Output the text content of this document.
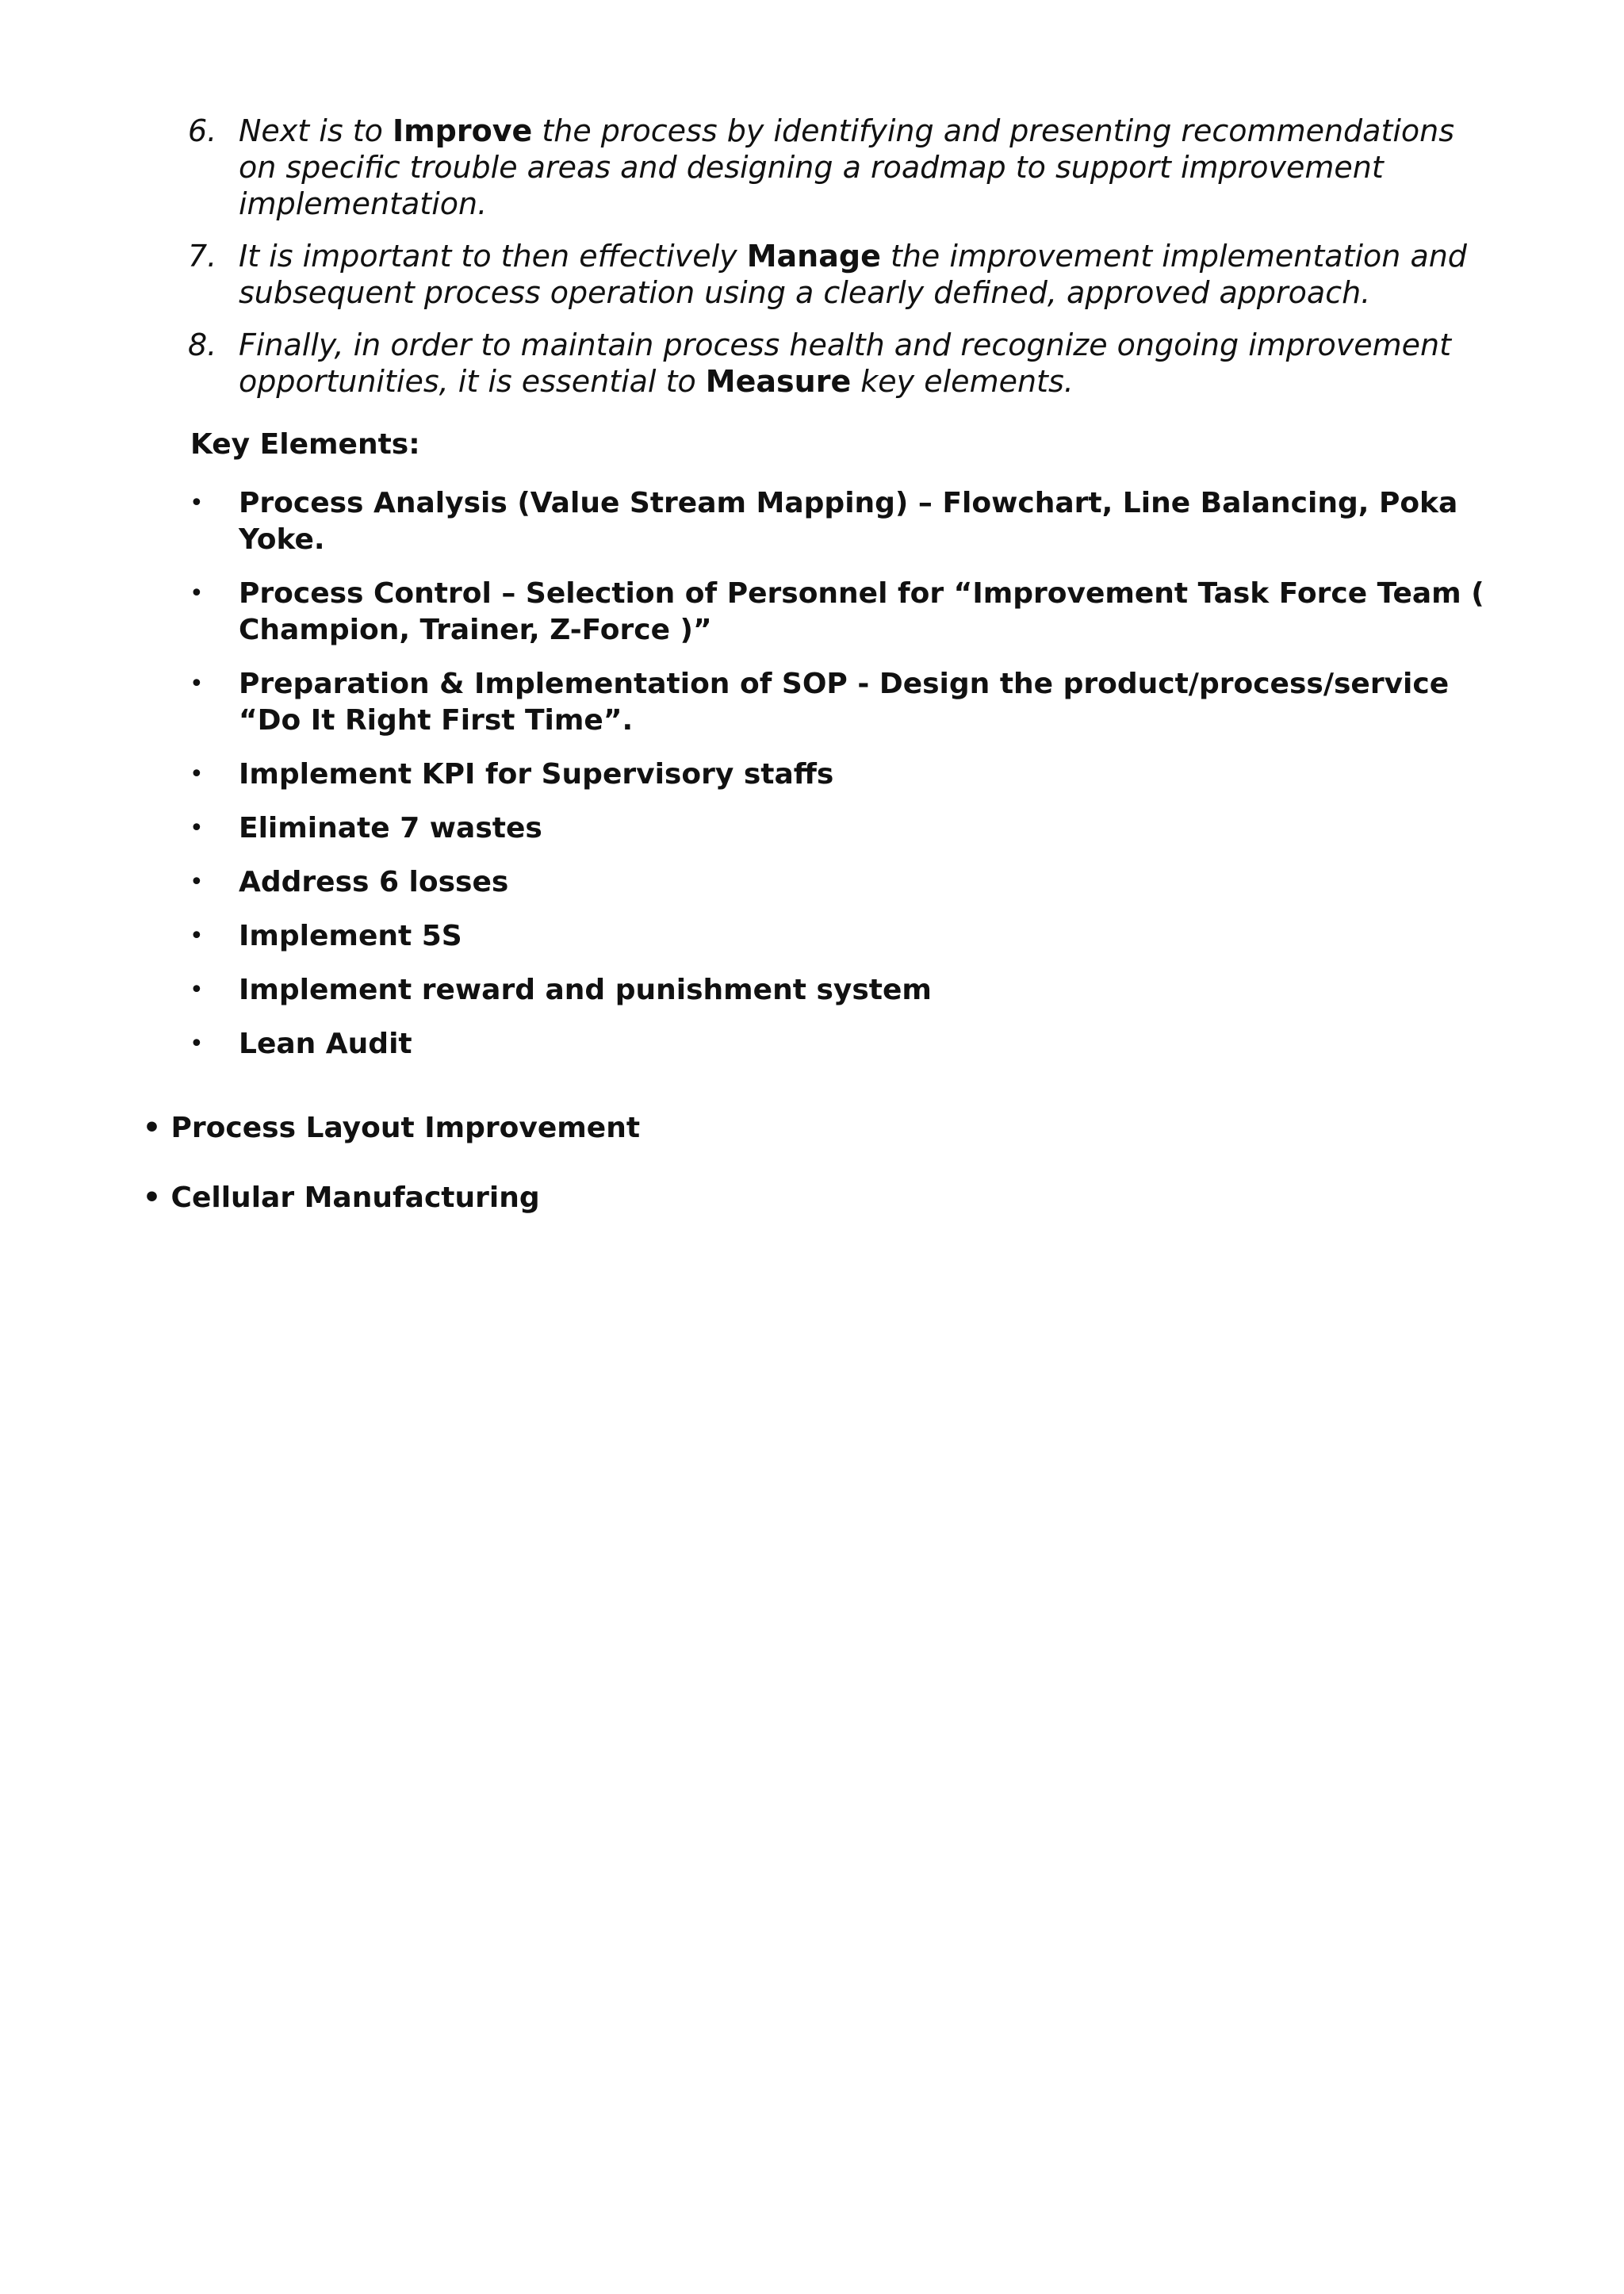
6. Next is to Improve the process by identifying and presenting recommendations on specific trouble areas and designing a roadmap to support improvement implementation.
7. It is important to then effectively Manage the improvement implementation and subsequent process operation using a clearly defined, approved approach.
8. Finally, in order to maintain process health and recognize ongoing improvement opportunities, it is essential to Measure key elements.

Key Elements:

• Process Analysis (Value Stream Mapping) – Flowchart, Line Balancing, Poka Yoke.
• Process Control – Selection of Personnel for “Improvement Task Force Team ( Champion, Trainer, Z-Force )”
• Preparation & Implementation of SOP - Design the product/process/service “Do It Right First Time”.
• Implement KPI for Supervisory staffs
• Eliminate 7 wastes
• Address 6 losses
• Implement 5S
• Implement reward and punishment system
• Lean Audit
• Process Layout Improvement
• Cellular Manufacturing
